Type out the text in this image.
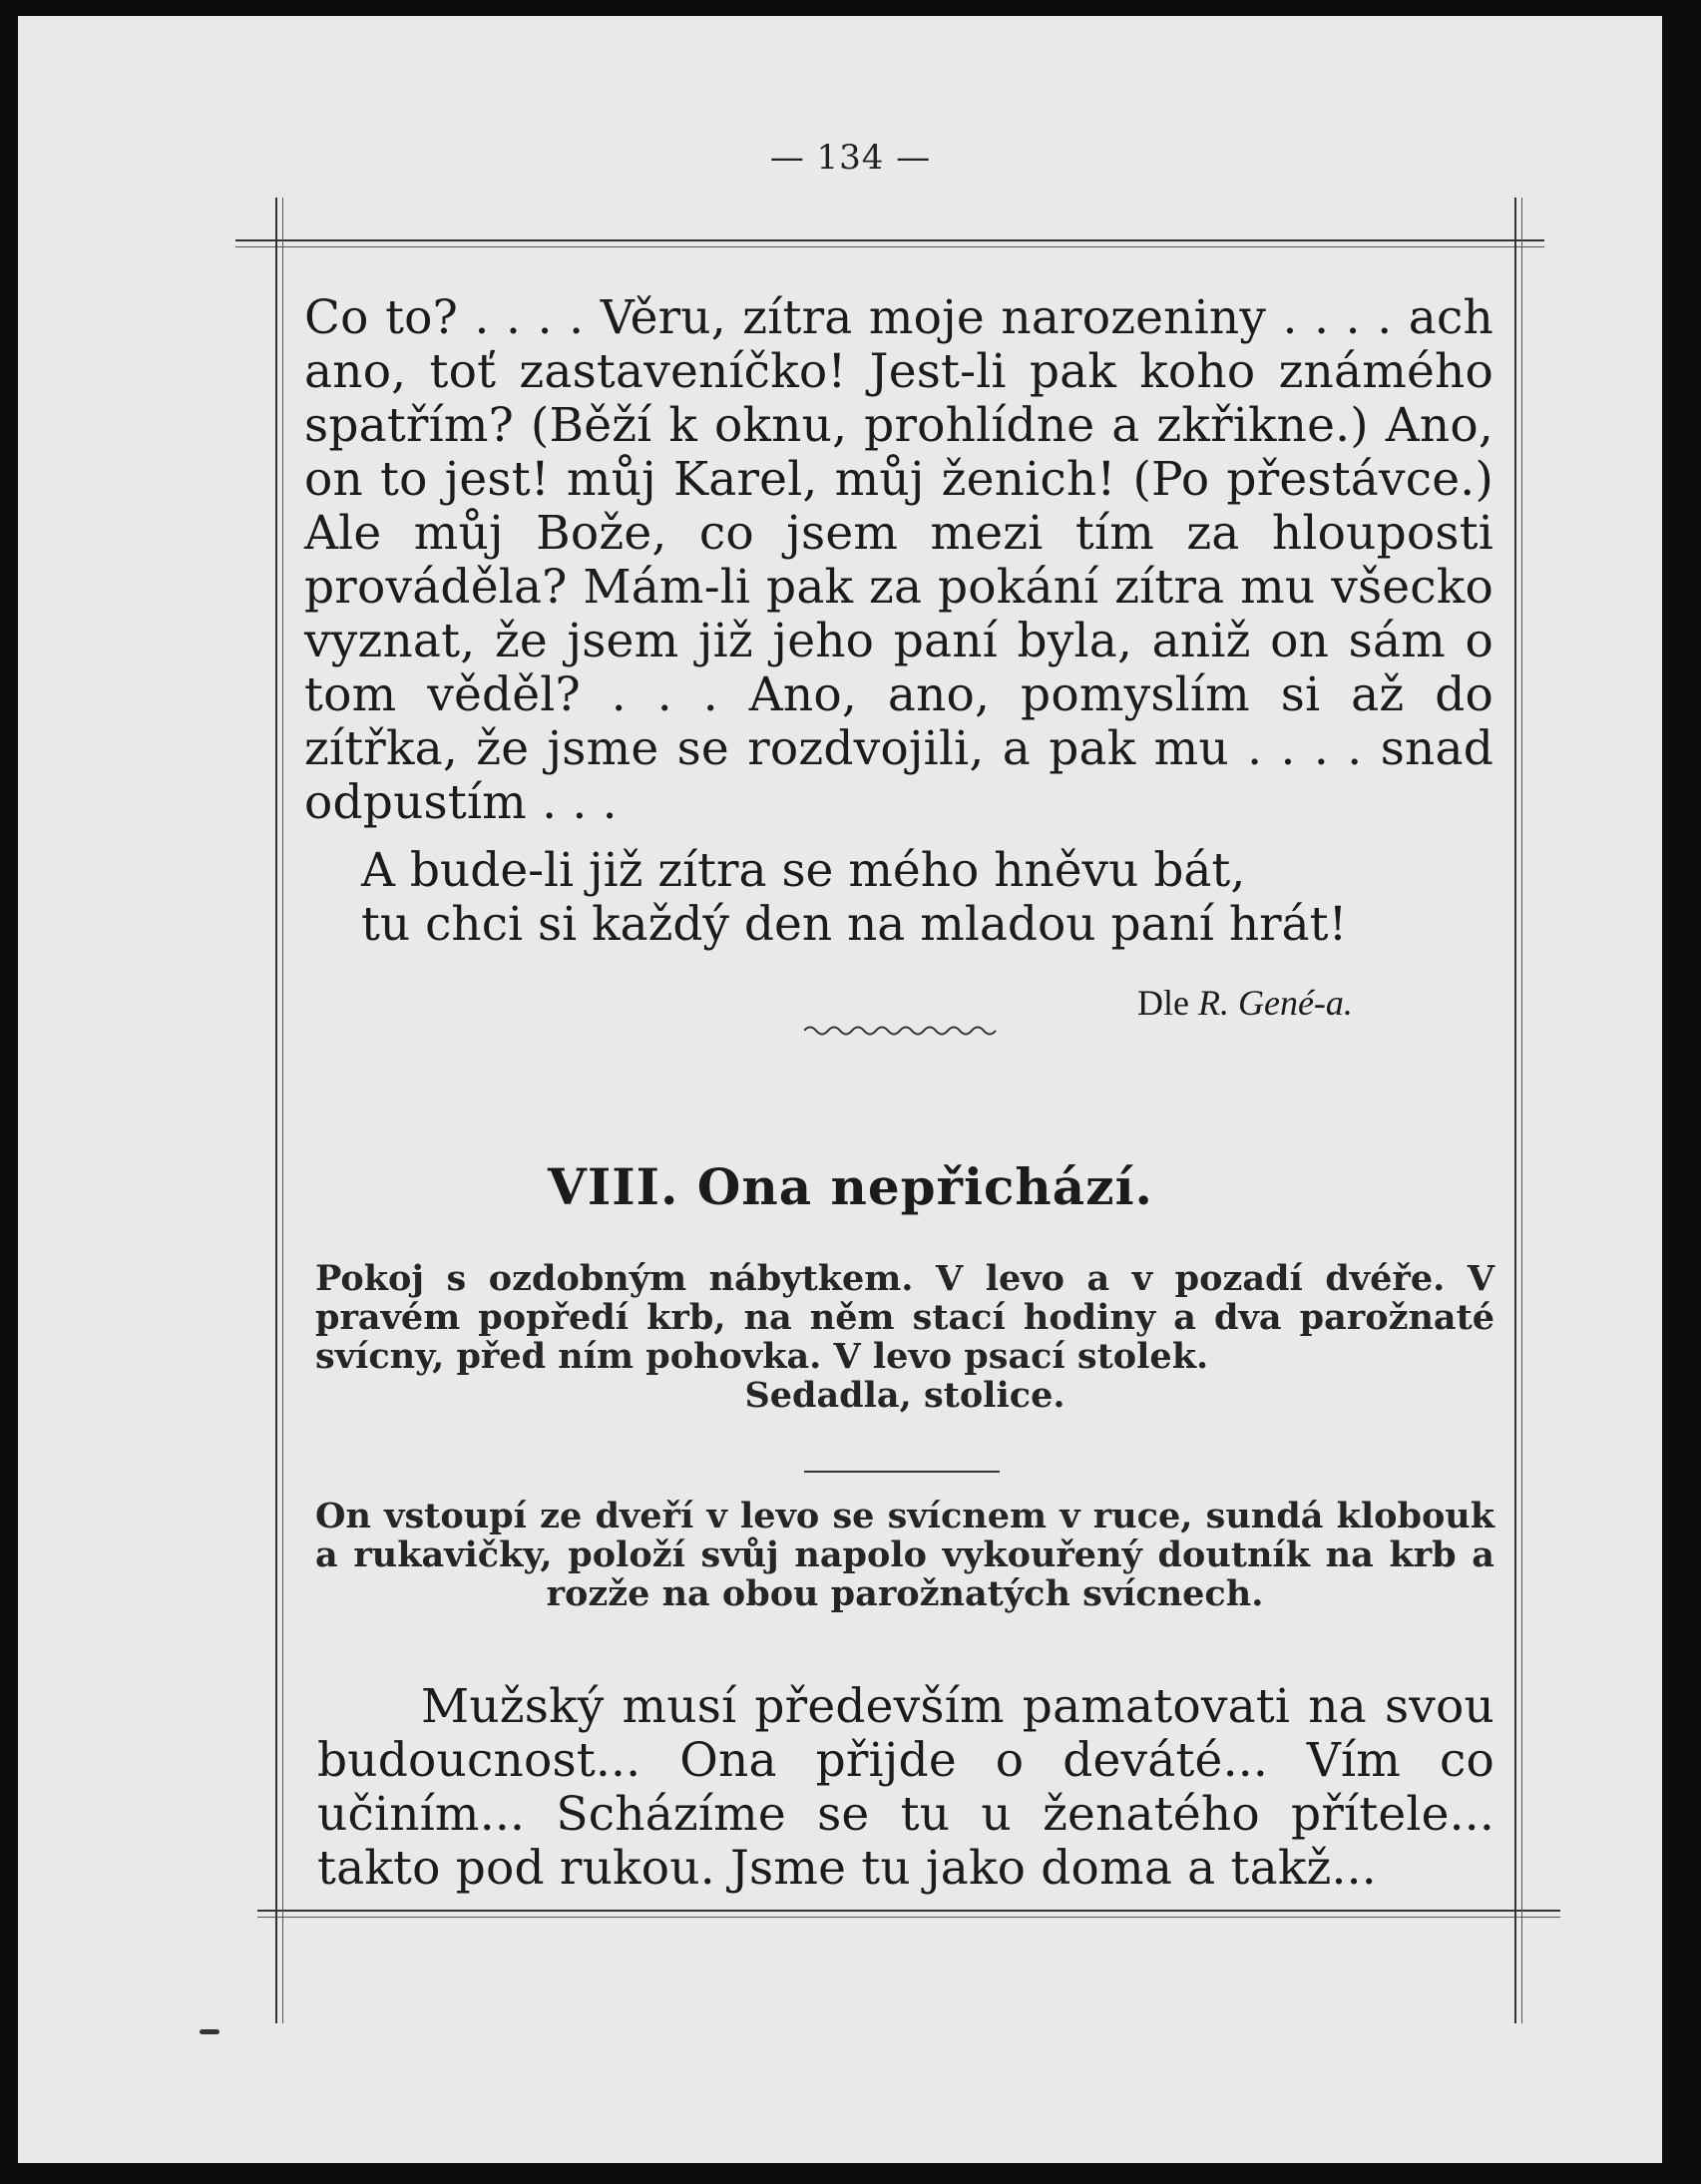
— 134 —

Co to? . . . . Věru, zítra moje narozeniny . . . . ach ano, toť zastaveníčko! Jest-li pak koho známého spatřím? (Běží k oknu, prohlídne a zkřikne.) Ano, on to jest! můj Karel, můj ženich! (Po přestávce.) Ale můj Bože, co jsem mezi tím za hlouposti prováděla? Mám-li pak za pokání zítra mu všecko vyznat, že jsem již jeho paní byla, aniž on sám o tom věděl? . . . Ano, ano, pomyslím si až do zítřka, že jsme se rozdvojili, a pak mu . . . . snad odpustím . . .

A bude-li již zítra se mého hněvu bát,

tu chci si každý den na mladou paní hrát!

Dle R. Gené-a.
VIII. Ona nepřichází.

Pokoj s ozdobným nábytkem. V levo a v pozadí dvéře. V pravém popředí krb, na něm stací hodiny a dva parožnaté svícny, před ním pohovka. V levo psací stolek.
Sedadla, stolice.

On vstoupí ze dveří v levo se svícnem v ruce, sundá klobouk a rukavičky, položí svůj napolo vykouřený doutník na krb a rozže na obou parožnatých svícnech.

Mužský musí především pamatovati na svou budoucnost... Ona přijde o deváté... Vím co učiním... Scházíme se tu u ženatého přítele... takto pod rukou. Jsme tu jako doma a takž...
